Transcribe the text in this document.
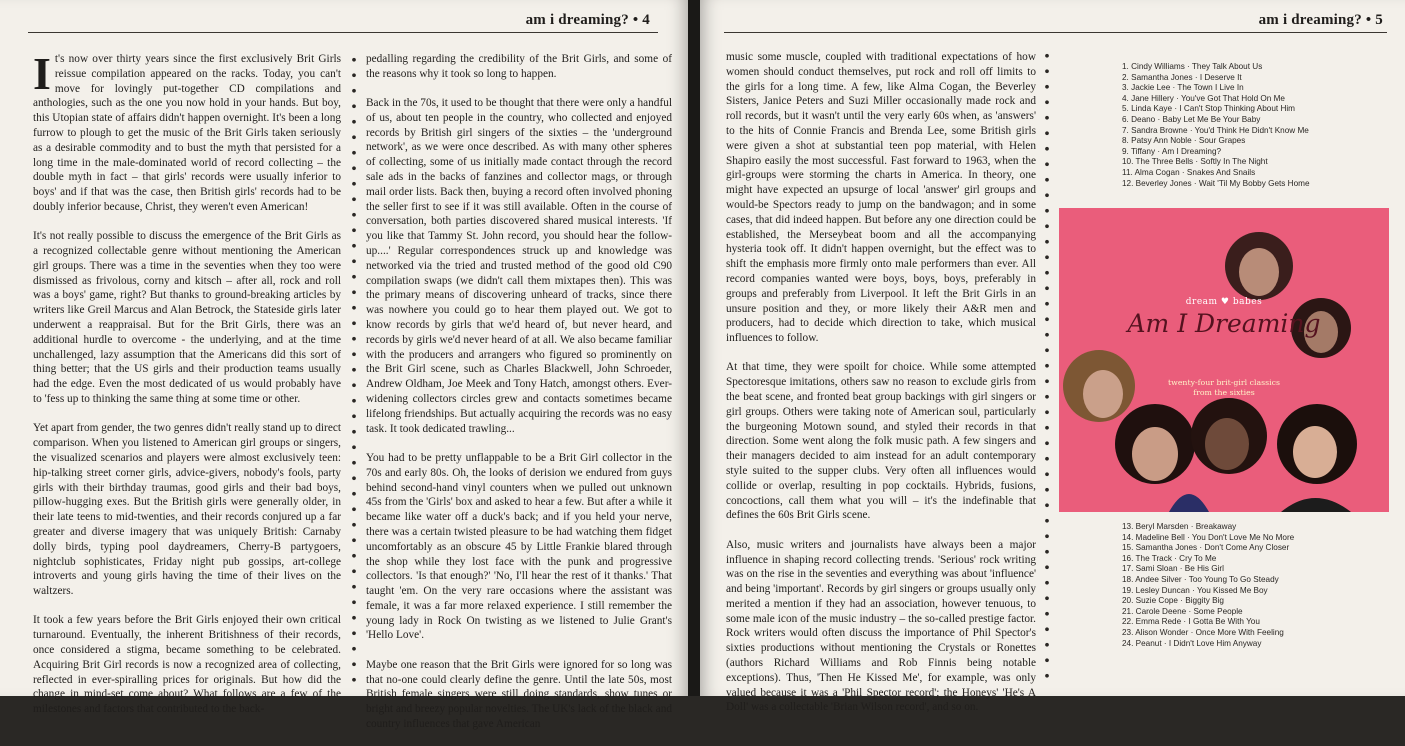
am i dreaming? • 4

It's now over thirty years since the first exclusively Brit Girls reissue compilation appeared on the racks. Today, you can't move for lovingly put-together CD compilations and anthologies, such as the one you now hold in your hands. But boy, this Utopian state of affairs didn't happen overnight. It's been a long furrow to plough to get the music of the Brit Girls taken seriously as a desirable commodity and to bust the myth that persisted for a long time in the male-dominated world of record collecting – the double myth in fact – that girls' records were usually inferior to boys' and if that was the case, then British girls' records had to be doubly inferior because, Christ, they weren't even American!

It's not really possible to discuss the emergence of the Brit Girls as a recognized collectable genre without mentioning the American girl groups. There was a time in the seventies when they too were dismissed as frivolous, corny and kitsch – after all, rock and roll was a boys' game, right? But thanks to ground-breaking articles by writers like Greil Marcus and Alan Betrock, the Stateside girls later underwent a reappraisal. But for the Brit Girls, there was an additional hurdle to overcome - the underlying, and at the time unchallenged, lazy assumption that the Americans did this sort of thing better; that the US girls and their production teams usually had the edge. Even the most dedicated of us would probably have to 'fess up to thinking the same thing at some time or other.

Yet apart from gender, the two genres didn't really stand up to direct comparison. When you listened to American girl groups or singers, the visualized scenarios and players were almost exclusively teen: hip-talking street corner girls, advice-givers, nobody's fools, party girls with their birthday traumas, good girls and their bad boys, pillow-hugging exes. But the British girls were generally older, in their late teens to mid-twenties, and their records conjured up a far greater and diverse imagery that was uniquely British: Carnaby dolly birds, typing pool daydreamers, Cherry-B partygoers, nightclub sophisticates, Friday night pub gossips, art-college introverts and young girls having the time of their lives on the waltzers.

It took a few years before the Brit Girls enjoyed their own critical turnaround. Eventually, the inherent Britishness of their records, once considered a stigma, became something to be celebrated. Acquiring Brit Girl records is now a recognized area of collecting, reflected in ever-spiralling prices for originals. But how did the change in mind-set come about? What follows are a few of the milestones and factors that contributed to the back-

pedalling regarding the credibility of the Brit Girls, and some of the reasons why it took so long to happen.

Back in the 70s, it used to be thought that there were only a handful of us, about ten people in the country, who collected and enjoyed records by British girl singers of the sixties – the 'underground network', as we were once described. As with many other spheres of collecting, some of us initially made contact through the record sale ads in the backs of fanzines and collector mags, or through mail order lists. Back then, buying a record often involved phoning the seller first to see if it was still available. Often in the course of conversation, both parties discovered shared musical interests. 'If you like that Tammy St. John record, you should hear the follow-up....' Regular correspondences struck up and knowledge was networked via the tried and trusted method of the good old C90 compilation swaps (we didn't call them mixtapes then). This was the primary means of discovering unheard of tracks, since there was nowhere you could go to hear them played out. We got to know records by girls that we'd heard of, but never heard, and records by girls we'd never heard of at all. We also became familiar with the producers and arrangers who figured so prominently on the Brit Girl scene, such as Charles Blackwell, John Schroeder, Andrew Oldham, Joe Meek and Tony Hatch, amongst others. Ever-widening collectors circles grew and contacts sometimes became lifelong friendships. But actually acquiring the records was no easy task. It took dedicated trawling...

You had to be pretty unflappable to be a Brit Girl collector in the 70s and early 80s. Oh, the looks of derision we endured from guys behind second-hand vinyl counters when we pulled out unknown 45s from the 'Girls' box and asked to hear a few. But after a while it became like water off a duck's back; and if you held your nerve, there was a certain twisted pleasure to be had watching them fidget uncomfortably as an obscure 45 by Little Frankie blared through the shop while they lost face with the punk and progressive collectors. 'Is that enough?' 'No, I'll hear the rest of it thanks.' That taught 'em. On the very rare occasions where the assistant was female, it was a far more relaxed experience. I still remember the young lady in Rock On twisting as we listened to Julie Grant's 'Hello Love'.

Maybe one reason that the Brit Girls were ignored for so long was that no-one could clearly define the genre. Until the late 50s, most British female singers were still doing standards, show tunes or bright and breezy popular novelties. The UK's lack of the black and country influences that gave American

am i dreaming? • 5

music some muscle, coupled with traditional expectations of how women should conduct themselves, put rock and roll off limits to the girls for a long time. A few, like Alma Cogan, the Beverley Sisters, Janice Peters and Suzi Miller occasionally made rock and roll records, but it wasn't until the very early 60s when, as 'answers' to the hits of Connie Francis and Brenda Lee, some British girls were given a shot at substantial teen pop material, with Helen Shapiro easily the most successful. Fast forward to 1963, when the girl-groups were storming the charts in America. In theory, one might have expected an upsurge of local 'answer' girl groups and would-be Spectors ready to jump on the bandwagon; and in some cases, that did indeed happen. But before any one direction could be established, the Merseybeat boom and all the accompanying hysteria took off. It didn't happen overnight, but the effect was to shift the emphasis more firmly onto male performers than ever. All record companies wanted were boys, boys, boys, preferably in groups and preferably from Liverpool. It left the Brit Girls in an unsure position and they, or more likely their A&R men and producers, had to decide which direction to take, which musical influences to follow.

At that time, they were spoilt for choice. While some attempted Spectoresque imitations, others saw no reason to exclude girls from the beat scene, and fronted beat group backings with girl singers or girl groups. Others were taking note of American soul, particularly the burgeoning Motown sound, and styled their records in that direction. Some went along the folk music path. A few singers and their managers decided to aim instead for an adult contemporary style suited to the supper clubs. Very often all influences would collide or overlap, resulting in pop cocktails. Hybrids, fusions, concoctions, call them what you will – it's the indefinable that defines the 60s Brit Girls scene.

Also, music writers and journalists have always been a major influence in shaping record collecting trends. 'Serious' rock writing was on the rise in the seventies and everything was about 'influence' and being 'important'. Records by girl singers or groups usually only merited a mention if they had an association, however tenuous, to some male icon of the music industry – the so-called prestige factor. Rock writers would often discuss the importance of Phil Spector's sixties productions without mentioning the Crystals or Ronettes (authors Richard Williams and Rob Finnis being notable exceptions). Thus, 'Then He Kissed Me', for example, was only valued because it was a 'Phil Spector record'; the Honeys' 'He's A Doll' was a collectable 'Brian Wilson record', and so on.

1. Cindy Williams · They Talk About Us
2. Samantha Jones · I Deserve It
3. Jackie Lee · The Town I Live In
4. Jane Hillery · You've Got That Hold On Me
5. Linda Kaye · I Can't Stop Thinking About Him
6. Deano · Baby Let Me Be Your Baby
7. Sandra Browne · You'd Think He Didn't Know Me
8. Patsy Ann Noble · Sour Grapes
9. Tiffany · Am I Dreaming?
10. The Three Bells · Softly In The Night
11. Alma Cogan · Snakes And Snails
12. Beverley Jones · Wait 'Til My Bobby Gets Home
dream ♥ babes
Am I Dreaming
twenty-four brit-girl classics
from the sixties
13. Beryl Marsden · Breakaway
14. Madeline Bell · You Don't Love Me No More
15. Samantha Jones · Don't Come Any Closer
16. The Track · Cry To Me
17. Sami Sloan · Be His Girl
18. Andee Silver · Too Young To Go Steady
19. Lesley Duncan · You Kissed Me Boy
20. Suzie Cope · Biggity Big
21. Carole Deene · Some People
22. Emma Rede · I Gotta Be With You
23. Alison Wonder · Once More With Feeling
24. Peanut · I Didn't Love Him Anyway
